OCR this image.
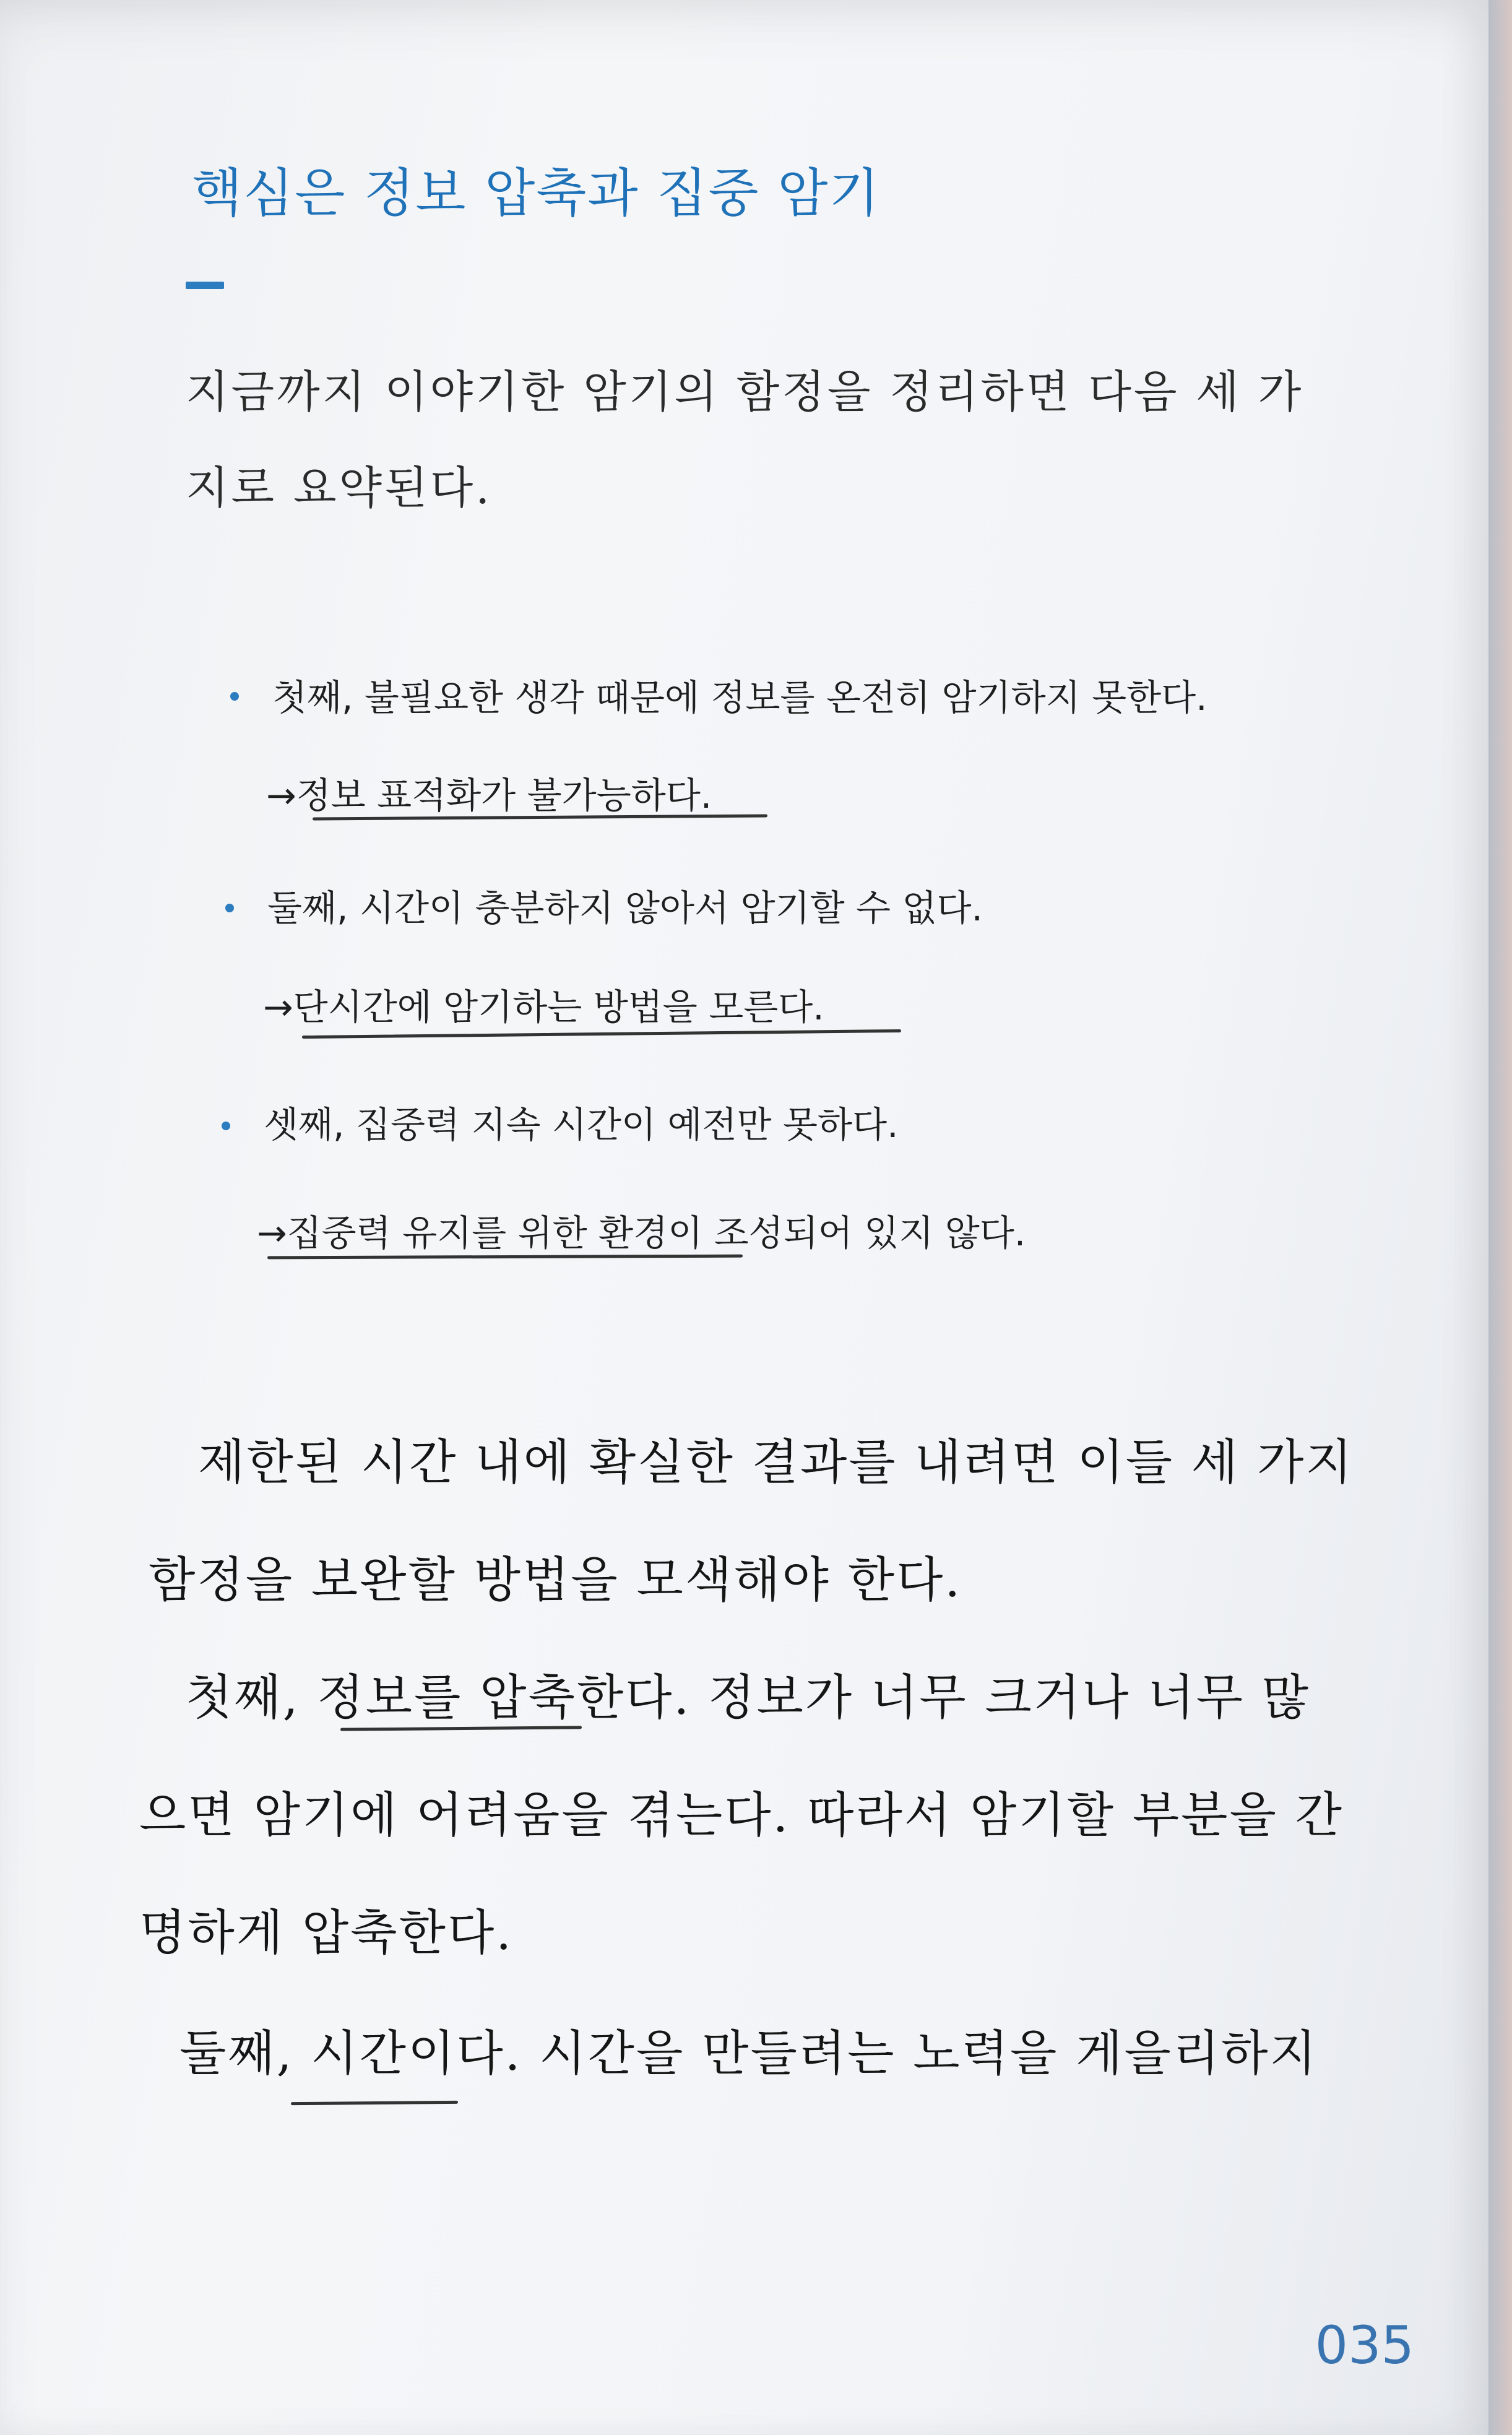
핵심은 정보 압축과 집중 암기
지금까지 이야기한 암기의 함정을 정리하면 다음 세 가
지로 요약된다.
첫째, 불필요한 생각 때문에 정보를 온전히 암기하지 못한다.
→정보 표적화가 불가능하다.
둘째, 시간이 충분하지 않아서 암기할 수 없다.
→단시간에 암기하는 방법을 모른다.
셋째, 집중력 지속 시간이 예전만 못하다.
→집중력 유지를 위한 환경이 조성되어 있지 않다.
제한된 시간 내에 확실한 결과를 내려면 이들 세 가지
함정을 보완할 방법을 모색해야 한다.
첫째, 정보를 압축한다. 정보가 너무 크거나 너무 많
으면 암기에 어려움을 겪는다. 따라서 암기할 부분을 간
명하게 압축한다.
둘째, 시간이다. 시간을 만들려는 노력을 게을리하지
035
